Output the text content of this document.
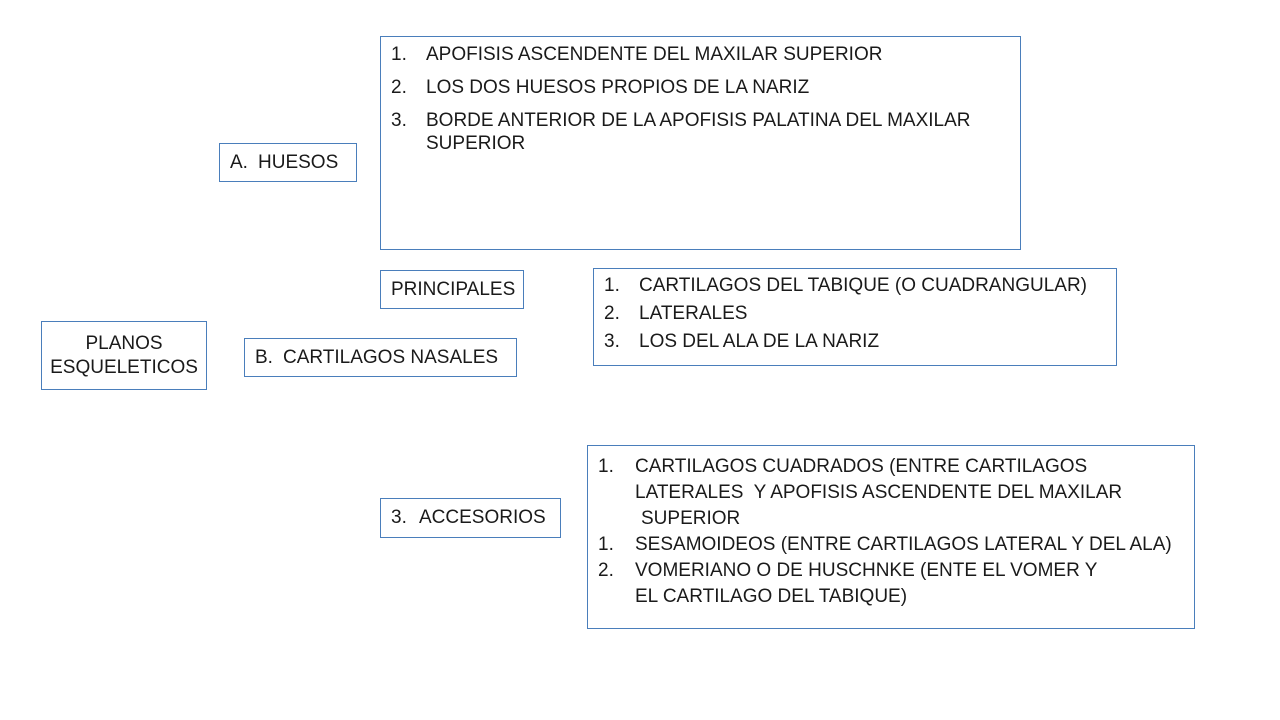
PLANOS
ESQUELETICOS
A. HUESOS
1.	APOFISIS ASCENDENTE DEL MAXILAR SUPERIOR
2.	LOS DOS HUESOS PROPIOS DE LA NARIZ
3.	BORDE ANTERIOR DE LA APOFISIS PALATINA DEL MAXILAR SUPERIOR
PRINCIPALES
B. CARTILAGOS NASALES
1.	CARTILAGOS DEL TABIQUE (O CUADRANGULAR)
2.	LATERALES
3.	LOS DEL ALA DE LA NARIZ
3. ACCESORIOS
1. CARTILAGOS CUADRADOS (ENTRE CARTILAGOS
LATERALES  Y APOFISIS ASCENDENTE DEL MAXILAR
SUPERIOR
1. SESAMOIDEOS (ENTRE CARTILAGOS LATERAL Y DEL ALA)
2. VOMERIANO O DE HUSCHNKE (ENTE EL VOMER Y
EL CARTILAGO DEL TABIQUE)
